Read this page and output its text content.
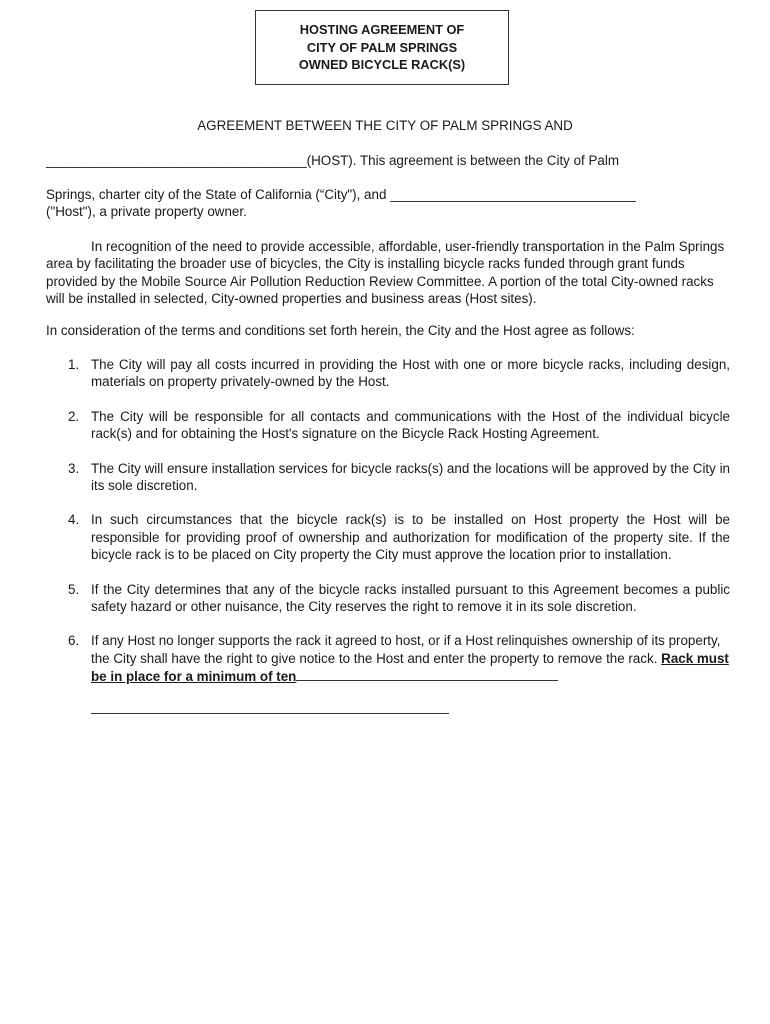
HOSTING AGREEMENT OF
CITY OF PALM SPRINGS
OWNED BICYCLE RACK(S)
AGREEMENT BETWEEN THE CITY OF PALM SPRINGS AND
___________________________________(HOST). This agreement is between the City of Palm
Springs, charter city of the State of California (“City"), and _________________________________
("Host"), a private property owner.
In recognition of the need to provide accessible, affordable, user-friendly transportation in the Palm Springs area by facilitating the broader use of bicycles, the City is installing bicycle racks funded through grant funds provided by the Mobile Source Air Pollution Reduction Review Committee. A portion of the total City-owned racks will be installed in selected, City-owned properties and business areas (Host sites).
In consideration of the terms and conditions set forth herein, the City and the Host agree as follows:
1. The City will pay all costs incurred in providing the Host with one or more bicycle racks, including design, materials on property privately-owned by the Host.
2. The City will be responsible for all contacts and communications with the Host of the individual bicycle rack(s) and for obtaining the Host's signature on the Bicycle Rack Hosting Agreement.
3. The City will ensure installation services for bicycle racks(s) and the locations will be approved by the City in its sole discretion.
4. In such circumstances that the bicycle rack(s) is to be installed on Host property the Host will be responsible for providing proof of ownership and authorization for modification of the property site. If the bicycle rack is to be placed on City property the City must approve the location prior to installation.
5. If the City determines that any of the bicycle racks installed pursuant to this Agreement becomes a public safety hazard or other nuisance, the City reserves the right to remove it in its sole discretion.
6. If any Host no longer supports the rack it agreed to host, or if a Host relinquishes ownership of its property, the City shall have the right to give notice to the Host and enter the property to remove the rack. Rack must be in place for a minimum of ten
